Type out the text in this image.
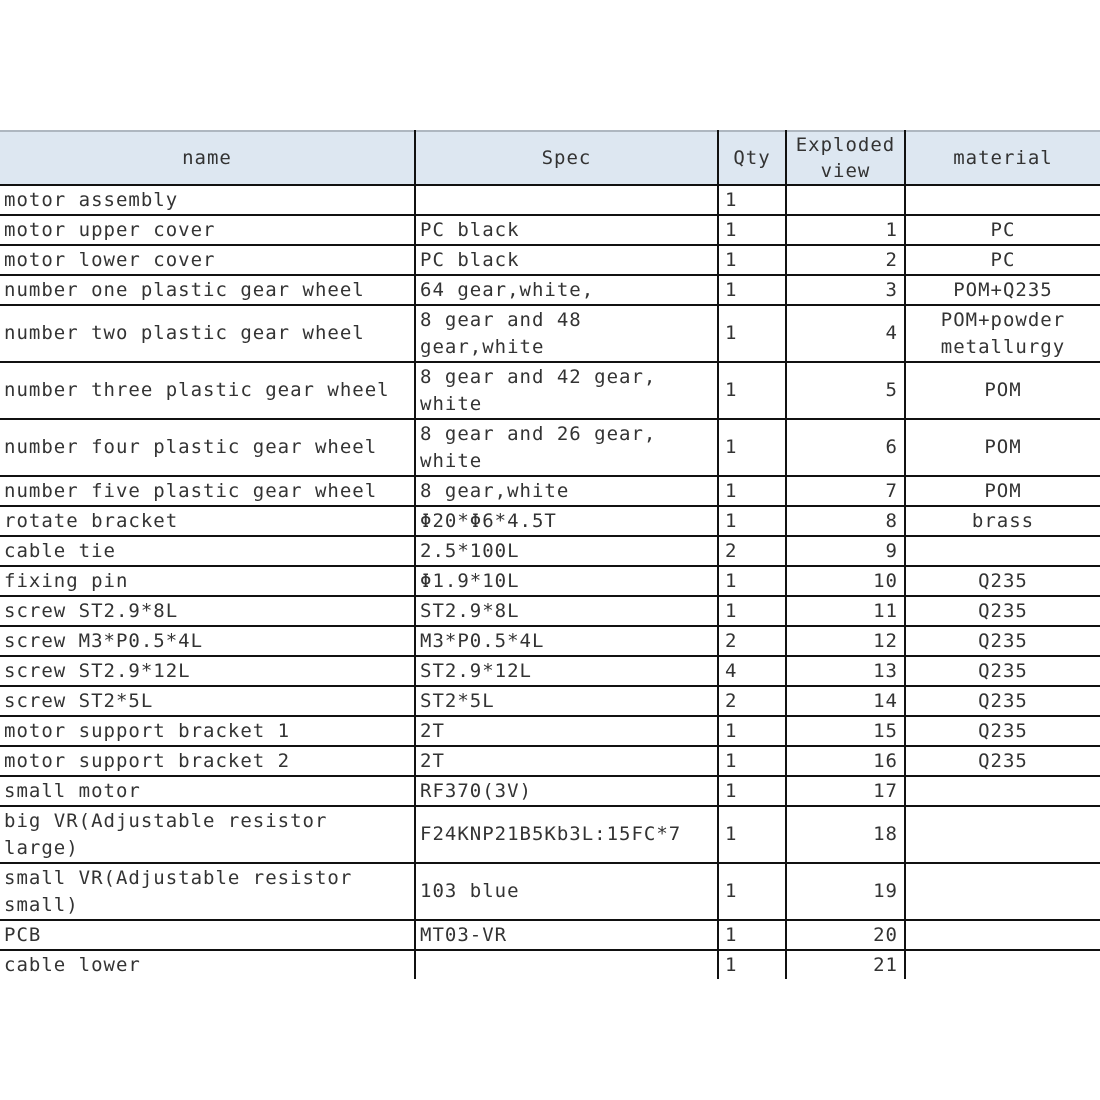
name	Spec	Qty	Exploded view	material
motor assembly		1		
motor upper cover	PC black	1	1	PC
motor lower cover	PC black	1	2	PC
number one plastic gear wheel	64 gear,white,	1	3	POM+Q235
number two plastic gear wheel	8 gear and 48 gear,white	1	4	POM+powder metallurgy
number three plastic gear wheel	8 gear and 42 gear, white	1	5	POM
number four plastic gear wheel	8 gear and 26 gear, white	1	6	POM
number five plastic gear wheel	8 gear,white	1	7	POM
rotate bracket	Φ20*Φ6*4.5T	1	8	brass
cable tie	2.5*100L	2	9	
fixing pin	Φ1.9*10L	1	10	Q235
screw ST2.9*8L	ST2.9*8L	1	11	Q235
screw M3*P0.5*4L	M3*P0.5*4L	2	12	Q235
screw ST2.9*12L	ST2.9*12L	4	13	Q235
screw ST2*5L	ST2*5L	2	14	Q235
motor support bracket 1	2T	1	15	Q235
motor support bracket 2	2T	1	16	Q235
small motor	RF370(3V)	1	17	
big VR(Adjustable resistor large)	F24KNP21B5Kb3L:15FC*7	1	18	
small VR(Adjustable resistor small)	103 blue	1	19	
PCB	MT03-VR	1	20	
cable lower		1	21	
